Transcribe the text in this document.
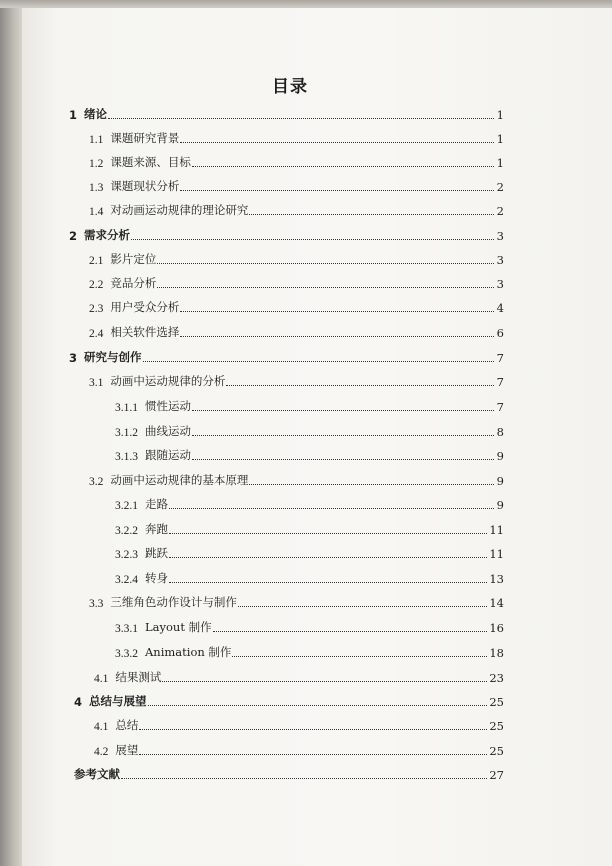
目录
1 绪论	1
1.1 课题研究背景	1
1.2 课题来源、目标	1
1.3 课题现状分析	2
1.4 对动画运动规律的理论研究	2
2 需求分析	3
2.1 影片定位	3
2.2 竞品分析	3
2.3 用户受众分析	4
2.4 相关软件选择	6
3 研究与创作	7
3.1 动画中运动规律的分析	7
3.1.1 惯性运动	7
3.1.2 曲线运动	8
3.1.3 跟随运动	9
3.2 动画中运动规律的基本原理	9
3.2.1 走路	9
3.2.2 奔跑	11
3.2.3 跳跃	11
3.2.4 转身	13
3.3 三维角色动作设计与制作	14
3.3.1 Layout 制作	16
3.3.2 Animation 制作	18
4.1 结果测试	23
4 总结与展望	25
4.1 总结	25
4.2 展望	25
参考文献	27
